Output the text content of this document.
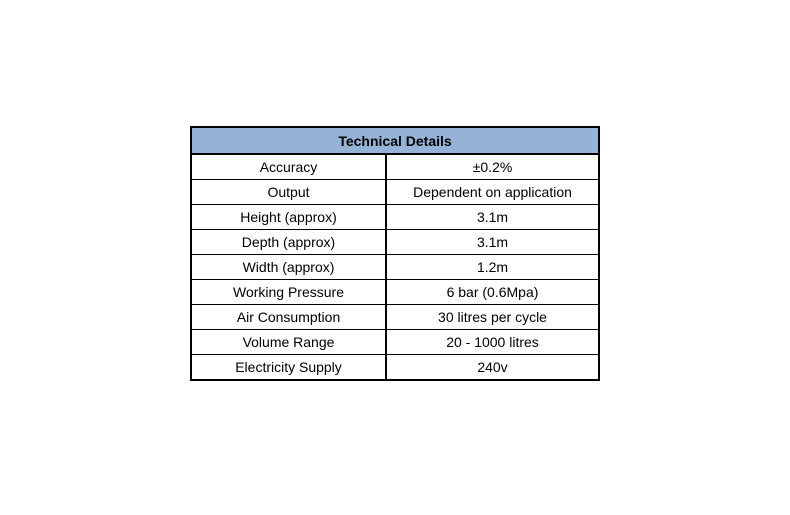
Technical Details	
Accuracy	±0.2%
Output	Dependent on application
Height (approx)	3.1m
Depth (approx)	3.1m
Width (approx)	1.2m
Working Pressure	6 bar (0.6Mpa)
Air Consumption	30 litres per cycle
Volume Range	20 - 1000 litres
Electricity Supply	240v
